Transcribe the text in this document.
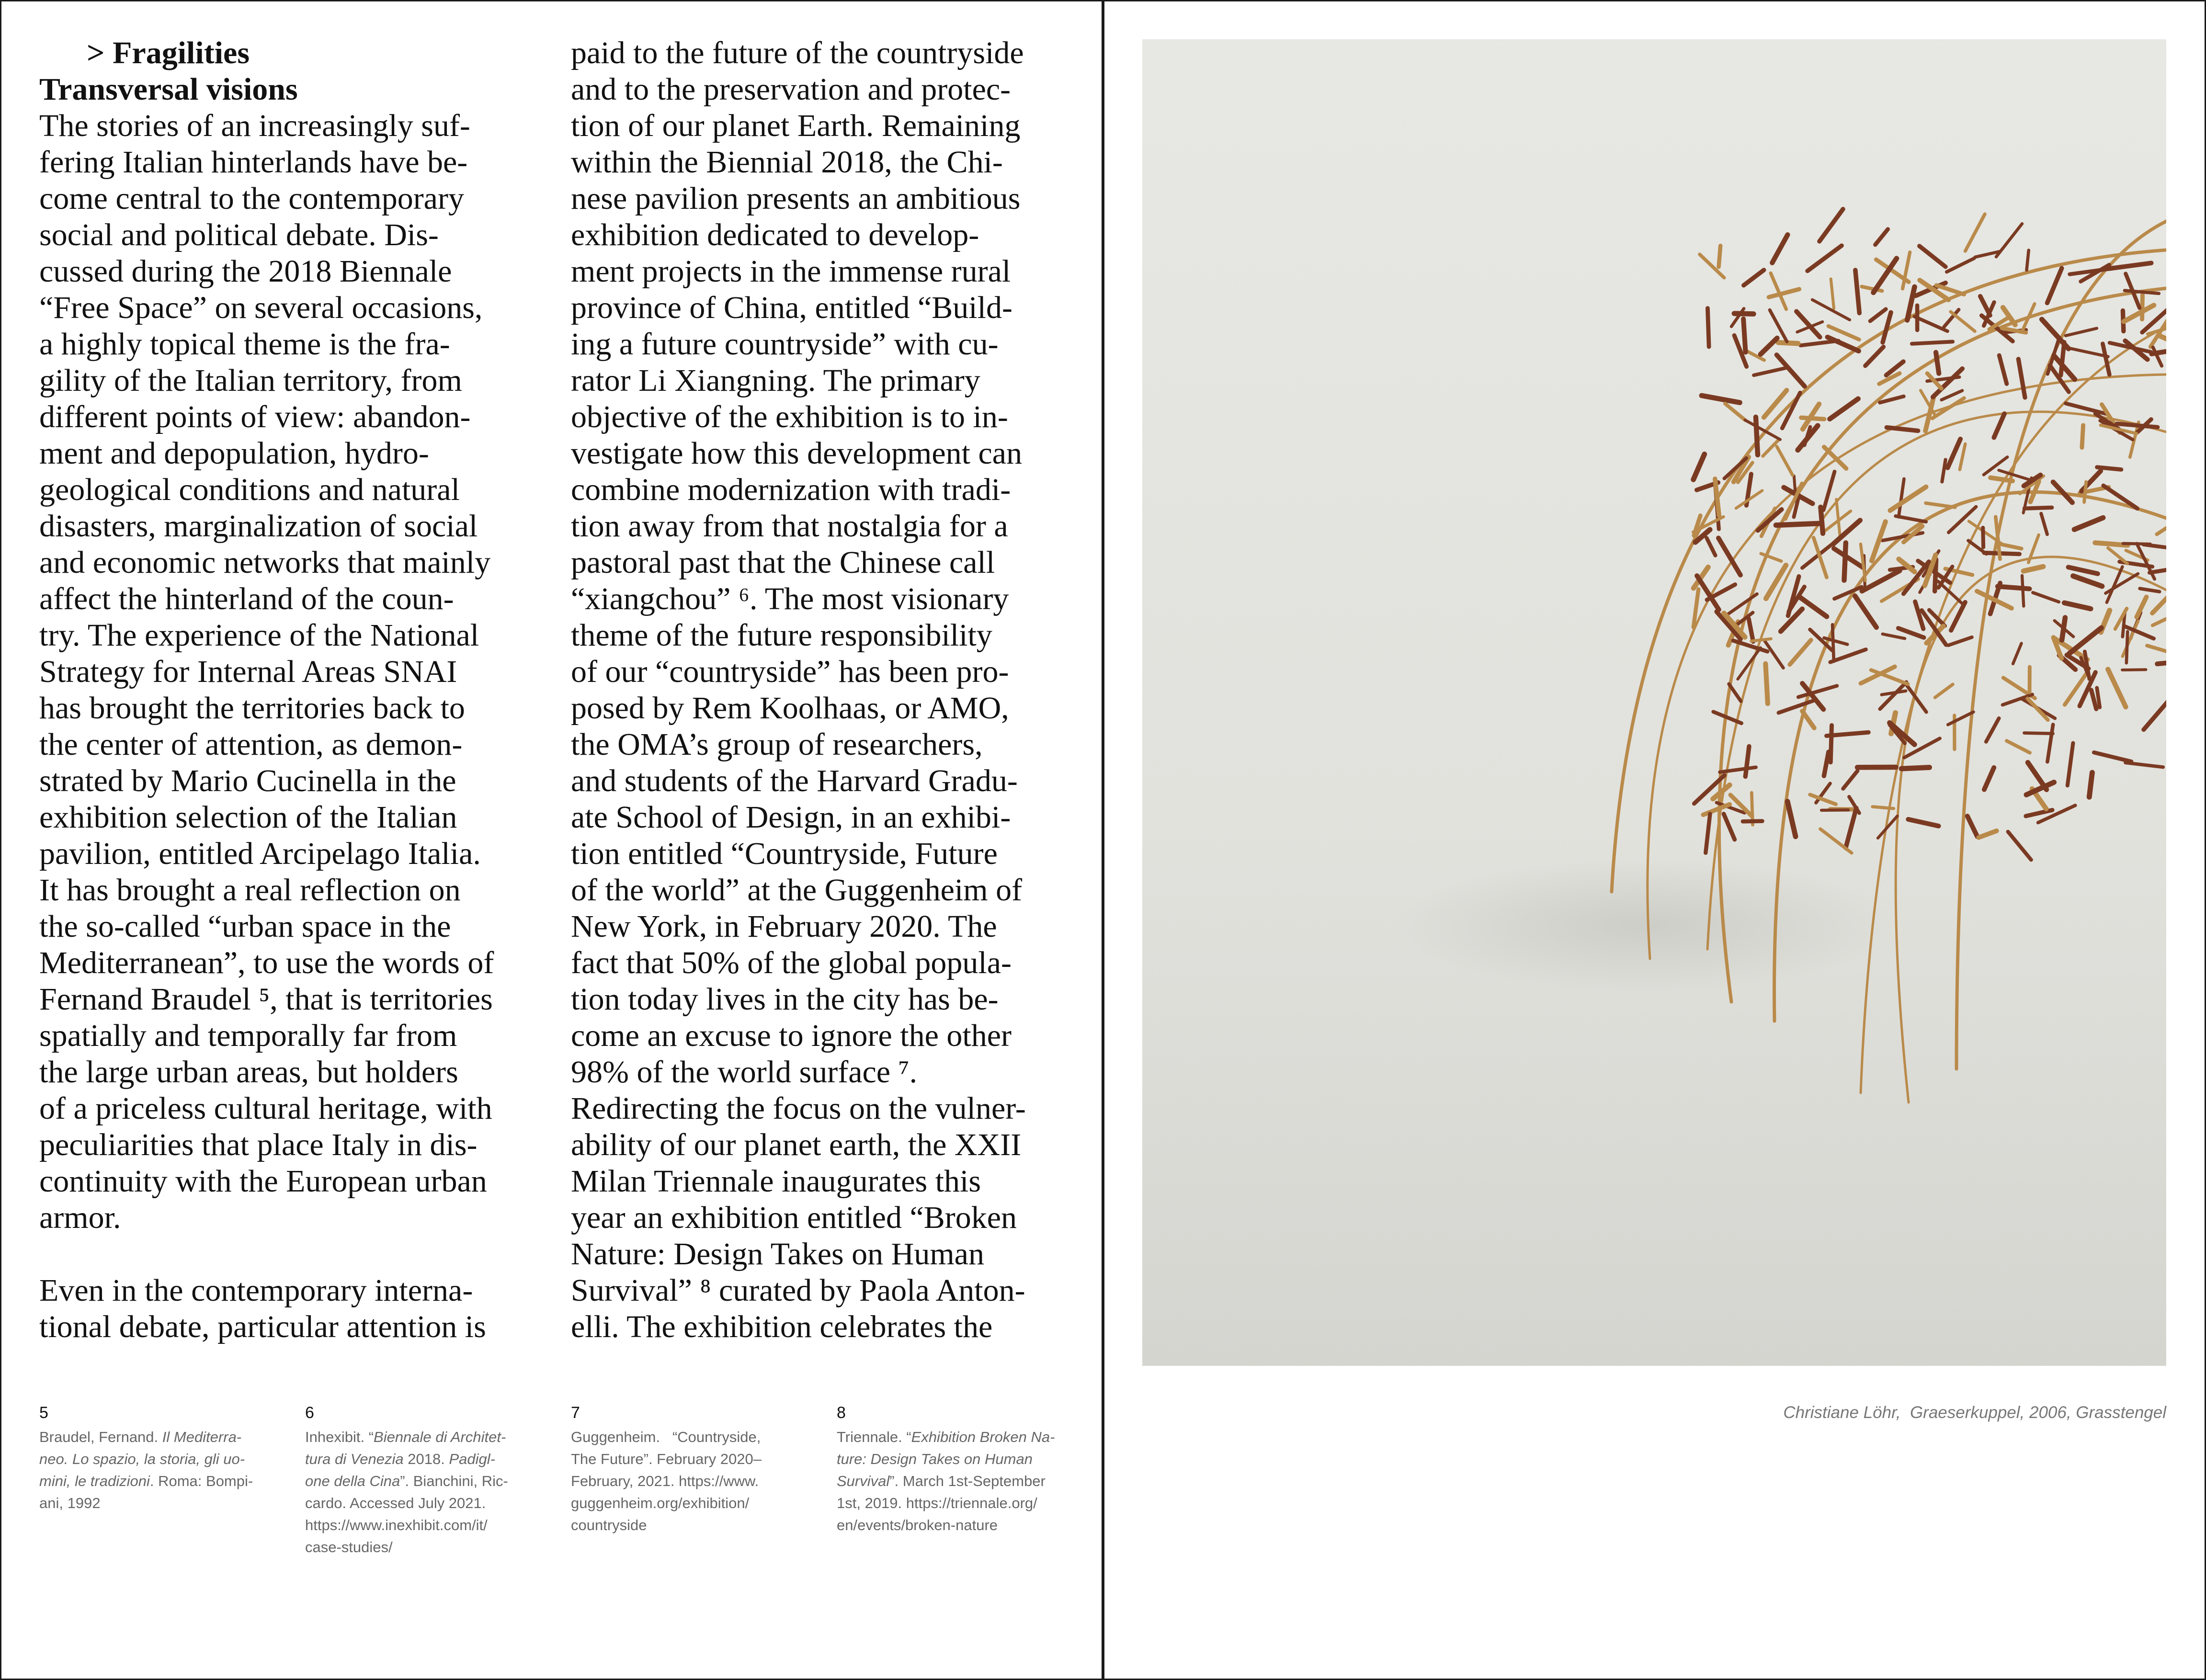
> Fragilities
Transversal visions
The stories of an increasingly suf-
fering Italian hinterlands have be-
come central to the contemporary
social and political debate. Dis-
cussed during the 2018 Biennale
“Free Space” on several occasions,
a highly topical theme is the fra-
gility of the Italian territory, from
different points of view: abandon-
ment and depopulation, hydro-
geological conditions and natural
disasters, marginalization of social
and economic networks that mainly
affect the hinterland of the coun-
try. The experience of the National
Strategy for Internal Areas SNAI
has brought the territories back to
the center of attention, as demon-
strated by Mario Cucinella in the
exhibition selection of the Italian
pavilion, entitled Arcipelago Italia.
It has brought a real reflection on
the so-called “urban space in the
Mediterranean”, to use the words of
Fernand Braudel ⁵, that is territories
spatially and temporally far from
the large urban areas, but holders
of a priceless cultural heritage, with
peculiarities that place Italy in dis-
continuity with the European urban
armor.

Even in the contemporary interna-
tional debate, particular attention is
paid to the future of the countryside
and to the preservation and protec-
tion of our planet Earth. Remaining
within the Biennial 2018, the Chi-
nese pavilion presents an ambitious
exhibition dedicated to develop-
ment projects in the immense rural
province of China, entitled “Build-
ing a future countryside” with cu-
rator Li Xiangning. The primary
objective of the exhibition is to in-
vestigate how this development can
combine modernization with tradi-
tion away from that nostalgia for a
pastoral past that the Chinese call
“xiangchou” ⁶. The most visionary
theme of the future responsibility
of our “countryside” has been pro-
posed by Rem Koolhaas, or AMO,
the OMA’s group of researchers,
and students of the Harvard Gradu-
ate School of Design, in an exhibi-
tion entitled “Countryside, Future
of the world” at the Guggenheim of
New York, in February 2020. The
fact that 50% of the global popula-
tion today lives in the city has be-
come an excuse to ignore the other
98% of the world surface ⁷.
Redirecting the focus on the vulner-
ability of our planet earth, the XXII
Milan Triennale inaugurates this
year an exhibition entitled “Broken
Nature: Design Takes on Human
Survival” ⁸ curated by Paola Anton-
elli. The exhibition celebrates the
5
Braudel, Fernand. Il Mediterra-
neo. Lo spazio, la storia, gli uo-
mini, le tradizioni. Roma: Bompi-
ani, 1992
6
Inhexibit. “Biennale di Architet-
tura di Venezia 2018. Padigl-
one della Cina”. Bianchini, Ric-
cardo. Accessed July 2021.
https://www.inexhibit.com/it/
case-studies/
7
Guggenheim.   “Countryside,
The Future”. February 2020–
February, 2021. https://www.
guggenheim.org/exhibition/
countryside
8
Triennale. “Exhibition Broken Na-
ture: Design Takes on Human
Survival”. March 1st-September
1st, 2019. https://triennale.org/
en/events/broken-nature
Christiane Löhr,  Graeserkuppel, 2006, Grasstengel
